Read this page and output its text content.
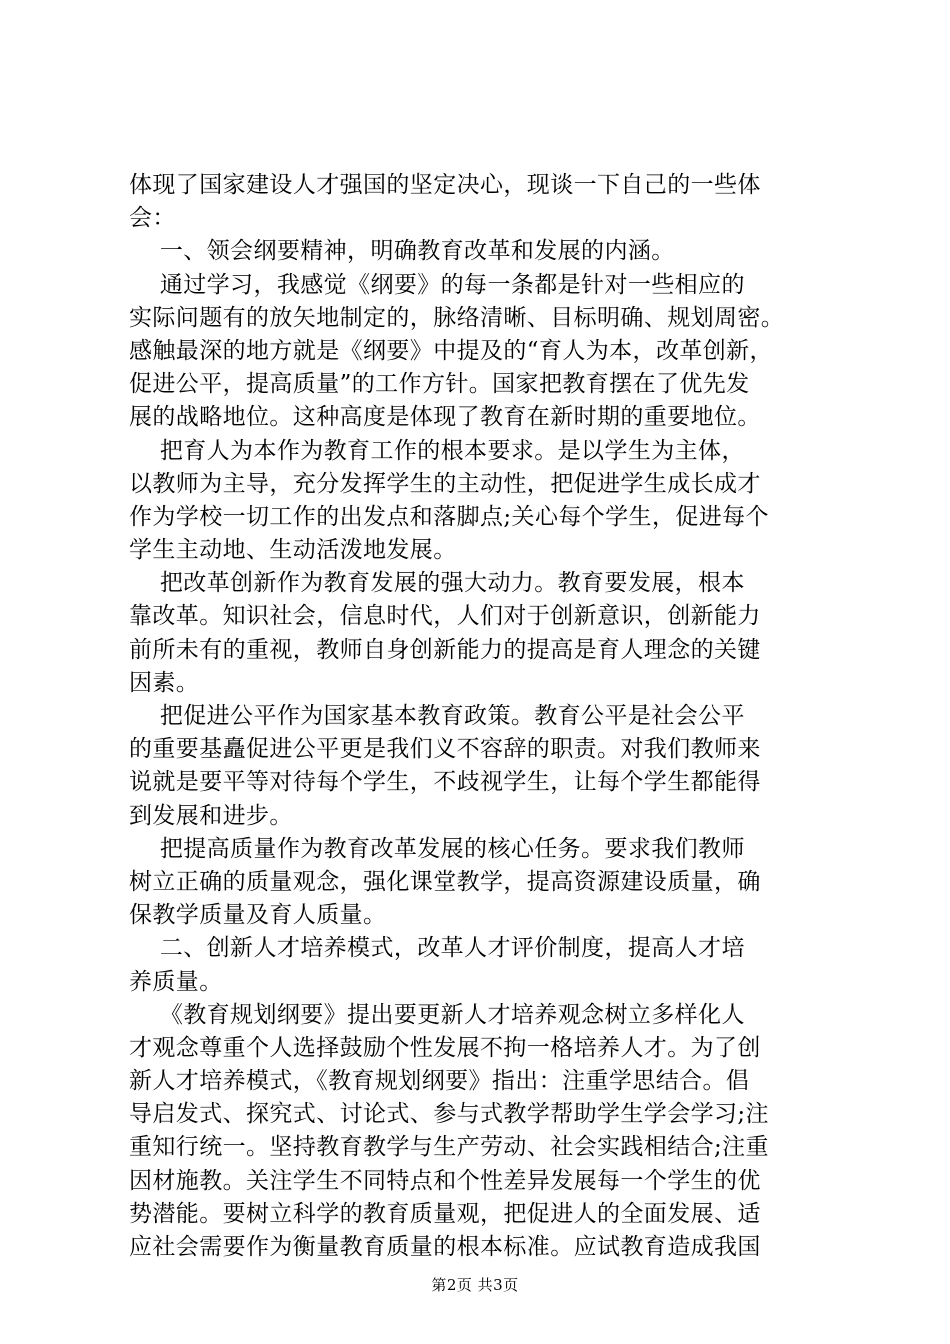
体现了国家建设人才强国的坚定决心，现谈一下自己的一些体
会：
一、领会纲要精神，明确教育改革和发展的内涵。
通过学习，我感觉《纲要》的每一条都是针对一些相应的
实际问题有的放矢地制定的，脉络清晰、目标明确、规划周密。
感触最深的地方就是《纲要》中提及的“育人为本，改革创新，
促进公平，提高质量”的工作方针。国家把教育摆在了优先发
展的战略地位。这种高度是体现了教育在新时期的重要地位。
把育人为本作为教育工作的根本要求。是以学生为主体，
以教师为主导，充分发挥学生的主动性，把促进学生成长成才
作为学校一切工作的出发点和落脚点;关心每个学生，促进每个
学生主动地、生动活泼地发展。
把改革创新作为教育发展的强大动力。教育要发展，根本
靠改革。知识社会，信息时代，人们对于创新意识，创新能力
前所未有的重视，教师自身创新能力的提高是育人理念的关键
因素。
把促进公平作为国家基本教育政策。教育公平是社会公平
的重要基矗促进公平更是我们义不容辞的职责。对我们教师来
说就是要平等对待每个学生，不歧视学生，让每个学生都能得
到发展和进步。
把提高质量作为教育改革发展的核心任务。要求我们教师
树立正确的质量观念，强化课堂教学，提高资源建设质量，确
保教学质量及育人质量。
二、创新人才培养模式，改革人才评价制度，提高人才培
养质量。
《教育规划纲要》提出要更新人才培养观念树立多样化人
才观念尊重个人选择鼓励个性发展不拘一格培养人才。为了创
新人才培养模式，《教育规划纲要》指出：注重学思结合。倡
导启发式、探究式、讨论式、参与式教学帮助学生学会学习;注
重知行统一。坚持教育教学与生产劳动、社会实践相结合;注重
因材施教。关注学生不同特点和个性差异发展每一个学生的优
势潜能。要树立科学的教育质量观，把促进人的全面发展、适
应社会需要作为衡量教育质量的根本标准。应试教育造成我国
第2页 共3页
